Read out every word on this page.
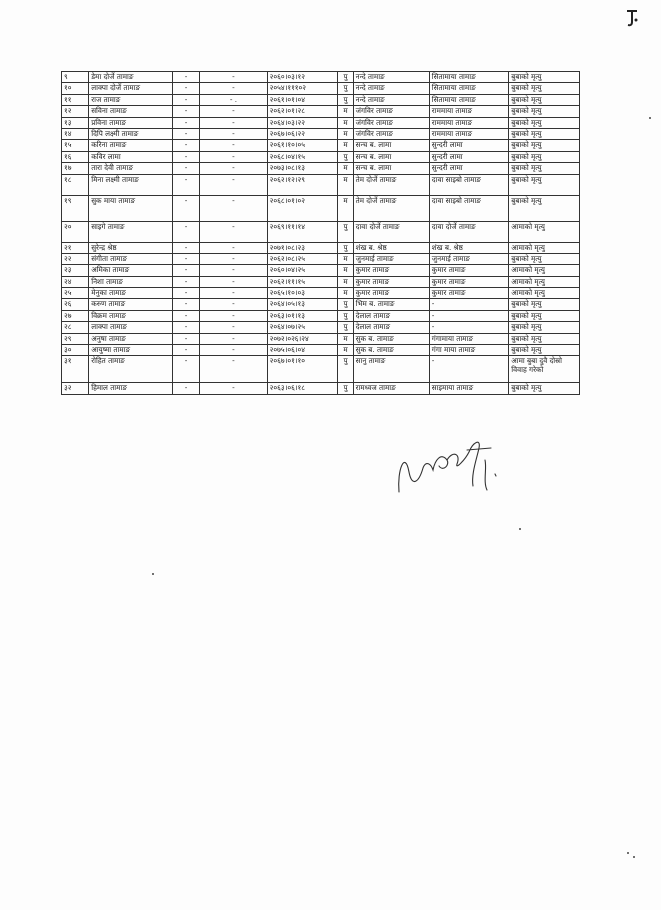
९	डेमा दोर्जे तामाङ	-	-	२०६०।०३।१२	पु	नन्दे तामाङ	सितामाया तामाङ	बुबाको मृत्यु
१०	लाक्पा दोर्जे तामाङ	-	-	२०५४।१११०२	पु	नन्दे तामाङ	सितामाया तामाङ	बुबाको मृत्यु
११	राज तामाङ	-	- .	२०६१।०१।०४	पु	नन्दे तामाङ	सितामाया तामाङ	बुबाको मृत्यु
१२	सविना तामाङ	-	-	२०६२।०१।२८	म	जंगविर तामाङ	राममाया तामाङ	बुबाको मृत्यु
१३	प्रविना तामाङ	-	-	२०६४।०३।२२	म	जंगविर तामाङ	राममाया तामाङ	बुबाको मृत्यु
१४	दिपि लक्ष्मी तामाङ	-	-	२०६७।०६।२२	म	जंगविर तामाङ	राममाया तामाङ	बुबाको मृत्यु
१५	करिना तामाङ	-	-	२०६१।१०।०५	म	सन्च ब. लामा	सुन्दरी लामा	बुबाको मृत्यु
१६	कविर लामा	-	-	२०६८।०४।१५	पु	सन्च ब. लामा	सुन्दरी लामा	बुबाको मृत्यु
१७	तारा देवी तामाङ	-	-	२०७३।०८।१३	म	सन्च ब. लामा	सुन्दरी लामा	बुबाको मृत्यु
१८	मिना लक्ष्मी तामाङ	-	-	२०६२।१२।२९	म	तेम दोर्जे तामाङ	दावा साइबो तामाङ	बुबाको मृत्यु
१९	सुक माया तामाङ	-	-	२०६८।०१।०२	म	तेम दोर्जे तामाङ	दावा साइबो तामाङ	बुबाको मृत्यु
२०	साइगे तामाङ	-	-	२०६९।११।१४	पु	दावा दोर्जे तामाङ	दावा दोर्जे तामाङ	आमाको मृत्यु
२१	सुरेन्द्र श्रेष्ठ	-	-	२०७१।०८।२३	पु	शंख ब. श्रेष्ठ	शंख ब. श्रेष्ठ	आमाको मृत्यु
२२	संगीता तामाङ	-	-	२०६२।०८।२५	म	जुनमाई तामाङ	जुनमाई तामाङ	बुबाको मृत्यु
२३	अमिका तामाङ	-	-	२०६०।०४।२५	म	कुमार तामाङ	कुमार तामाङ	आमाको मृत्यु
२४	निशा तामाङ	-	-	२०६२।११।१५	म	कुमार तामाङ	कुमार तामाङ	आमाको मृत्यु
२५	मेनुका तामाङ	-	-	२०६५।१०।०३	म	कुमार तामाङ	कुमार तामाङ	आमाको मृत्यु
२६	करुण तामाङ	-	-	२०६४।०५।१३	पु	भिम ब. तामाङ	-	बुबाको मृत्यु
२७	विक्रम तामाङ	-	-	२०६३।०१।१३	पु	देलाल तामाङ	-	बुबाको मृत्यु
२८	लाक्पा तामाङ	-	-	२०६४।०७।२५	पु	देलाल तामाङ	-	बुबाको मृत्यु
२९	अनुषा तामाङ	-	-	२०७२।०२६।२४	म	सुक ब. तामाङ	गंगामाया तामाङ	बुबाको मृत्यु
३०	आयुष्मा तामाङ	-	-	२०७५।०६।०४	म	सुक ब. तामाङ	गंगा माया तामाङ	बुबाको मृत्यु
३१	रोहित तामाङ	-	-	२०६७।०१।१०	पु	सानु तामाङ	-	आमा बुबा दुवै दोस्रो विवाह गरेको
३२	हिमाल तामाङ	-	-	२०६३।०६।१८	पु	रामध्वज तामाङ	साइमाया तामाङ	बुबाको मृत्यु
